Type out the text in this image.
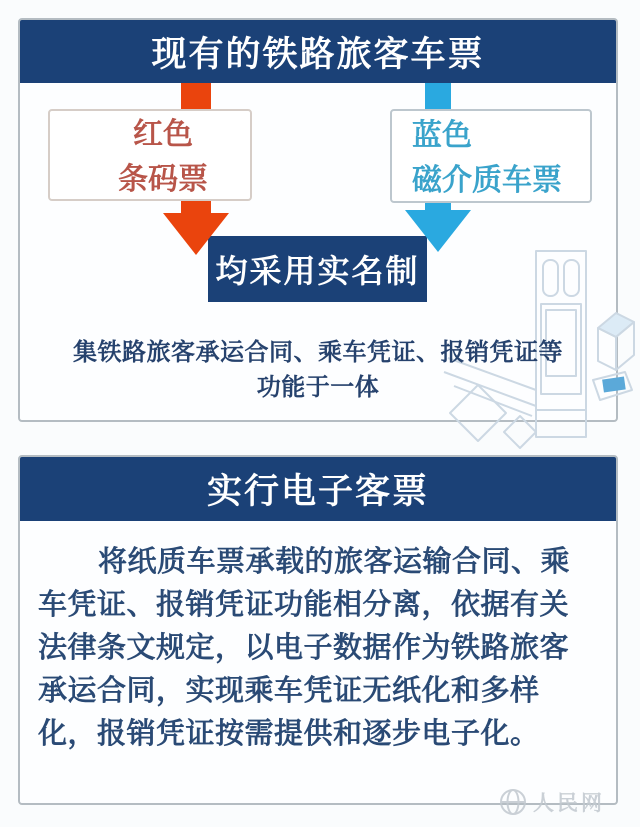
现有的铁路旅客车票
红色
条码票
蓝色
磁介质车票
均采用实名制
集铁路旅客承运合同、乘车凭证、报销凭证等
功能于一体
实行电子客票
将纸质车票承载的旅客运输合同、乘
车凭证、报销凭证功能相分离，依据有关
法律条文规定，以电子数据作为铁路旅客
承运合同，实现乘车凭证无纸化和多样
化，报销凭证按需提供和逐步电子化。
人民网
